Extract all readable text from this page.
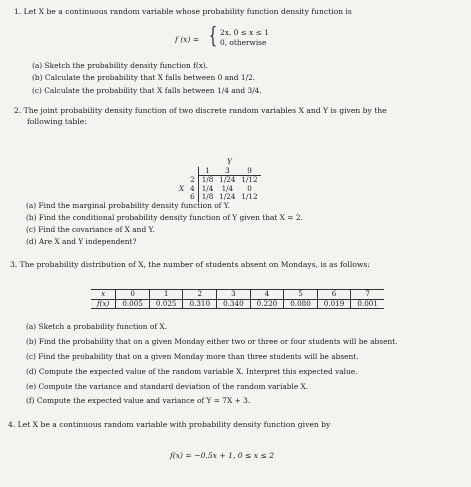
1. Let X be a continuous random variable whose probability function density function is
f (x) = { 2x, 0 ≤ x ≤ 1
0, otherwise
(a) Sketch the probability density function f(x).
(b) Calculate the probability that X falls between 0 and 1/2.
(c) Calculate the probability that X falls between 1/4 and 3/4.
2. The joint probability density function of two discrete random variables X and Y is given by the
following table:
		Y		
		1	3	9
	2	1/8	1/24	1/12
X	4	1/4	1/4	0
	6	1/8	1/24	1/12
(a) Find the marginal probability density function of Y.
(b) Find the conditional probability density function of Y given that X = 2.
(c) Find the covariance of X and Y.
(d) Are X and Y independent?
3. The probability distribution of X, the number of students absent on Mondays, is as follows:
x	0	1	2	3	4	5	6	7
f(x)	0.005	0.025	0.310	0.340	0.220	0.080	0.019	0.001
(a) Sketch a probability function of X.
(b) Find the probability that on a given Monday either two or three or four students will be absent.
(c) Find the probability that on a given Monday more than three students will be absent.
(d) Compute the expected value of the random variable X. Interpret this expected value.
(e) Compute the variance and standard deviation of the random variable X.
(f) Compute the expected value and variance of Y = 7X + 3.
4. Let X be a continuous random variable with probability density function given by
f(x) = −0.5x + 1, 0 ≤ x ≤ 2
